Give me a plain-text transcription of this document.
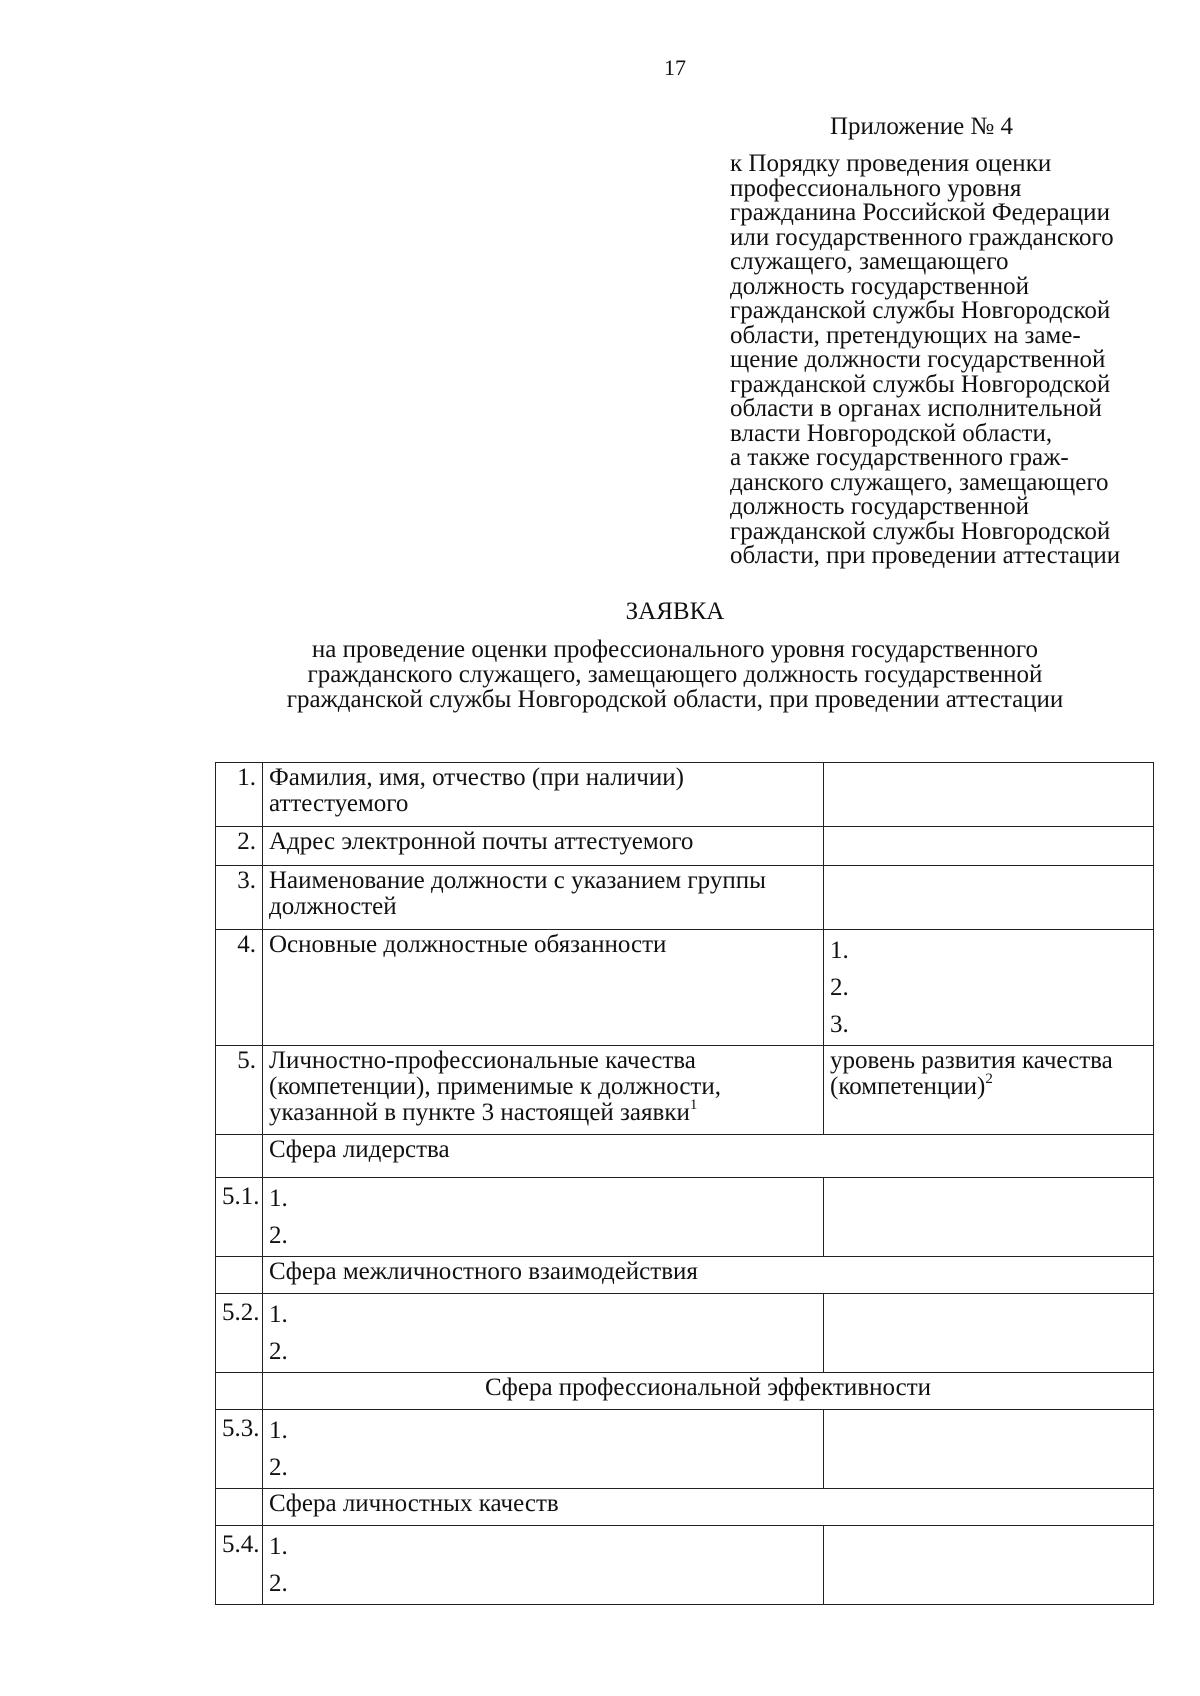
17
Приложение № 4
к Порядку проведения оценки
профессионального уровня
гражданина Российской Федерации
или государственного гражданского
служащего, замещающего
должность государственной
гражданской службы Новгородской
области, претендующих на заме-
щение должности государственной
гражданской службы Новгородской
области в органах исполнительной
власти Новгородской области,
а также государственного граж-
данского служащего, замещающего
должность государственной
гражданской службы Новгородской
области, при проведении аттестации
ЗАЯВКА
на проведение оценки профессионального уровня государственного
гражданского служащего, замещающего должность государственной
гражданской службы Новгородской области, при проведении аттестации
1.	Фамилия, имя, отчество (при наличии) аттестуемого	
2.	Адрес электронной почты аттестуемого	
3.	Наименование должности с указанием группы должностей	
4.	Основные должностные обязанности	1.
2.
3.
5.	Личностно-профессиональные качества (компетенции), применимые к должности, указанной в пункте 3 настоящей заявки$^1$	уровень развития качества (компетенции)$^2$
	Сфера лидерства	
5.1.	1.
2.	
	Сфера межличностного взаимодействия	
5.2.	1.
2.	
	Сфера профессиональной эффективности	
5.3.	1.
2.	
	Сфера личностных качеств	
5.4.	1.
2.	
